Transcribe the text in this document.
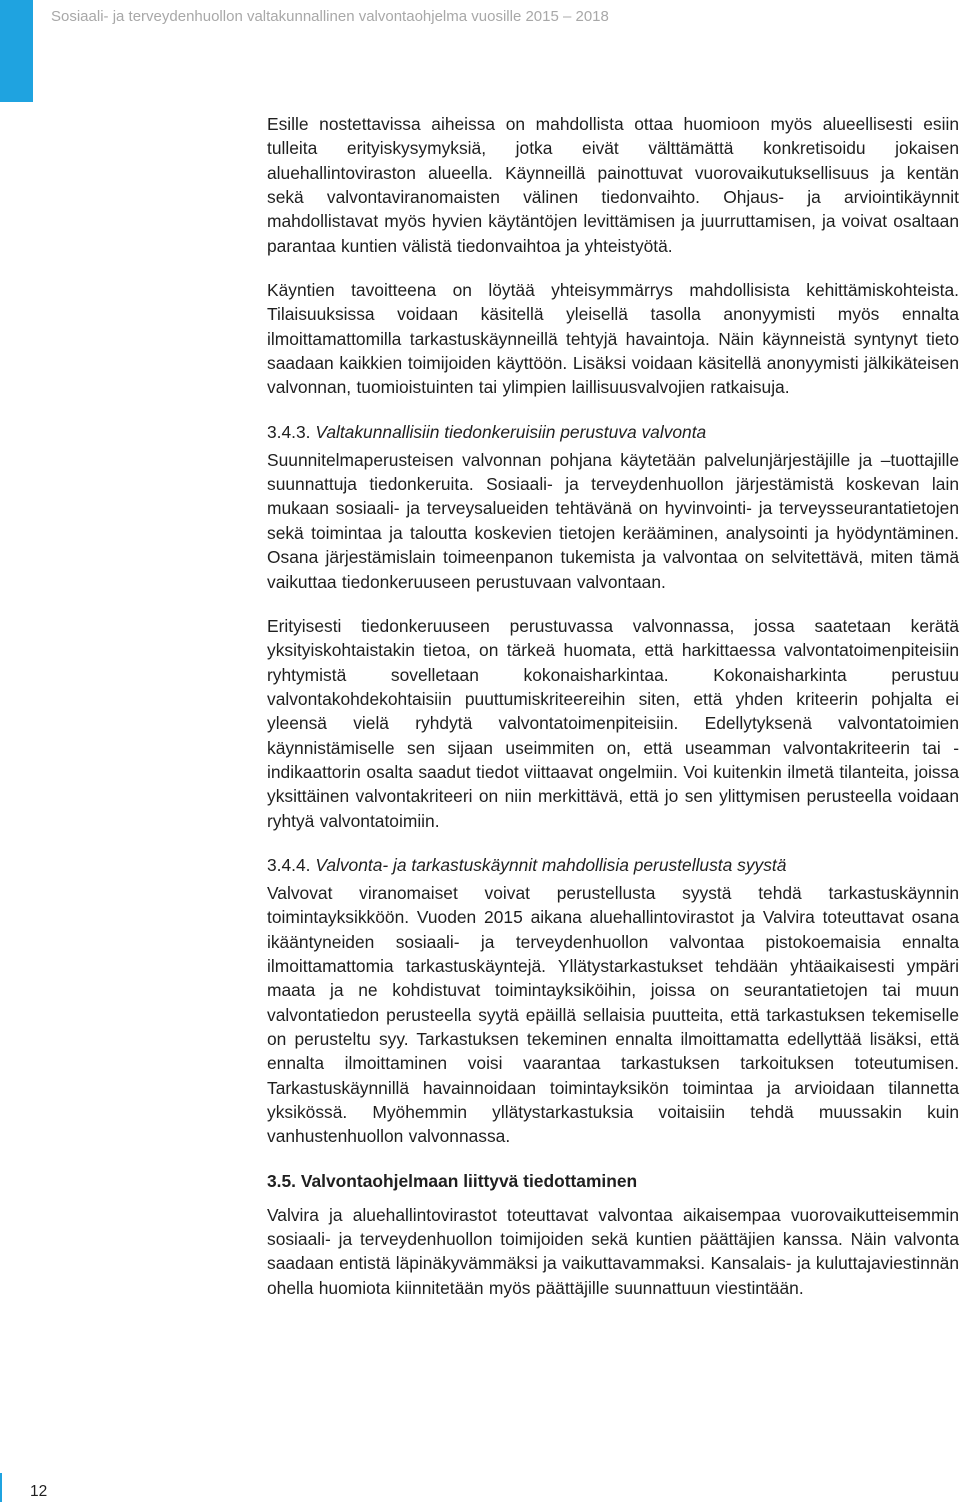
Sosiaali- ja terveydenhuollon valtakunnallinen valvontaohjelma vuosille 2015 – 2018

Esille nostettavissa aiheissa on mahdollista ottaa huomioon myös alueellisesti esiin tulleita erityiskysymyksiä, jotka eivät välttämättä konkretisoidu jokaisen aluehallintoviraston alueella. Käynneillä painottuvat vuorovaikutuksellisuus ja kentän sekä valvontaviranomaisten välinen tiedonvaihto. Ohjaus- ja arviointikäynnit mahdollistavat myös hyvien käytäntöjen levittämisen ja juurruttamisen, ja voivat osaltaan parantaa kuntien välistä tiedonvaihtoa ja yhteistyötä.

Käyntien tavoitteena on löytää yhteisymmärrys mahdollisista kehittämiskohteista. Tilaisuuksissa voidaan käsitellä yleisellä tasolla anonyymisti myös ennalta ilmoittamattomilla tarkastuskäynneillä tehtyjä havaintoja. Näin käynneistä syntynyt tieto saadaan kaikkien toimijoiden käyttöön. Lisäksi voidaan käsitellä anonyymisti jälkikäteisen valvonnan, tuomioistuinten tai ylimpien laillisuusvalvojien ratkaisuja.

3.4.3. Valtakunnallisiin tiedonkeruisiin perustuva valvonta

Suunnitelmaperusteisen valvonnan pohjana käytetään palvelunjärjestäjille ja –tuottajille suunnattuja tiedonkeruita. Sosiaali- ja terveydenhuollon järjestämistä koskevan lain mukaan sosiaali- ja terveysalueiden tehtävänä on hyvinvointi- ja terveysseurantatietojen sekä toimintaa ja taloutta koskevien tietojen kerääminen, analysointi ja hyödyntäminen. Osana järjestämislain toimeenpanon tukemista ja valvontaa on selvitettävä, miten tämä vaikuttaa tiedonkeruuseen perustuvaan valvontaan.

Erityisesti tiedonkeruuseen perustuvassa valvonnassa, jossa saatetaan kerätä yksityiskohtaistakin tietoa, on tärkeä huomata, että harkittaessa valvontatoimenpiteisiin ryhtymistä sovelletaan kokonaisharkintaa. Kokonaisharkinta perustuu valvontakohdekohtaisiin puuttumiskriteereihin siten, että yhden kriteerin pohjalta ei yleensä vielä ryhdytä valvontatoimenpiteisiin. Edellytyksenä valvontatoimien käynnistämiselle sen sijaan useimmiten on, että useamman valvontakriteerin tai -indikaattorin osalta saadut tiedot viittaavat ongelmiin. Voi kuitenkin ilmetä tilanteita, joissa yksittäinen valvontakriteeri on niin merkittävä, että jo sen ylittymisen perusteella voidaan ryhtyä valvontatoimiin.

3.4.4. Valvonta- ja tarkastuskäynnit mahdollisia perustellusta syystä

Valvovat viranomaiset voivat perustellusta syystä tehdä tarkastuskäynnin toimintayksikköön. Vuoden 2015 aikana aluehallintovirastot ja Valvira toteuttavat osana ikääntyneiden sosiaali- ja terveydenhuollon valvontaa pistokoemaisia ennalta ilmoittamattomia tarkastuskäyntejä. Yllätystarkastukset tehdään yhtäaikaisesti ympäri maata ja ne kohdistuvat toimintayksiköihin, joissa on seurantatietojen tai muun valvontatiedon perusteella syytä epäillä sellaisia puutteita, että tarkastuksen tekemiselle on perusteltu syy. Tarkastuksen tekeminen ennalta ilmoittamatta edellyttää lisäksi, että ennalta ilmoittaminen voisi vaarantaa tarkastuksen tarkoituksen toteutumisen. Tarkastuskäynnillä havainnoidaan toimintayksikön toimintaa ja arvioidaan tilannetta yksikössä. Myöhemmin yllätystarkastuksia voitaisiin tehdä muussakin kuin vanhustenhuollon valvonnassa.

3.5. Valvontaohjelmaan liittyvä tiedottaminen

Valvira ja aluehallintovirastot toteuttavat valvontaa aikaisempaa vuorovaikutteisemmin sosiaali- ja terveydenhuollon toimijoiden sekä kuntien päättäjien kanssa. Näin valvonta saadaan entistä läpinäkyvämmäksi ja vaikuttavammaksi. Kansalais- ja kuluttajaviestinnän ohella huomiota kiinnitetään myös päättäjille suunnattuun viestintään.

12
